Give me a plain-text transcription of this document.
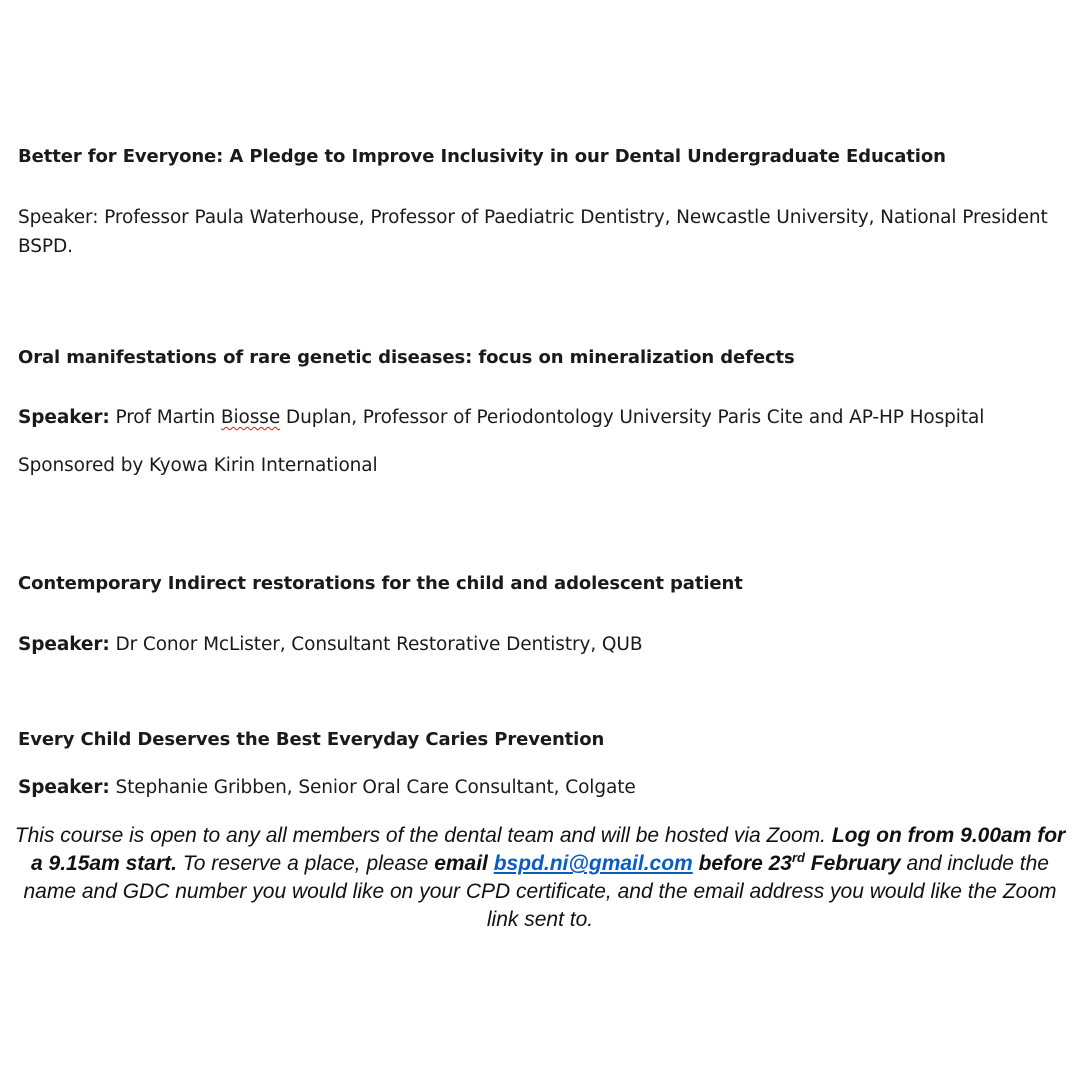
Better for Everyone: A Pledge to Improve Inclusivity in our Dental Undergraduate Education
Speaker: Professor Paula Waterhouse, Professor of Paediatric Dentistry, Newcastle University, National President BSPD.
Oral manifestations of rare genetic diseases: focus on mineralization defects
Speaker: Prof Martin Biosse Duplan, Professor of Periodontology University Paris Cite and AP-HP Hospital
Sponsored by Kyowa Kirin International
Contemporary Indirect restorations for the child and adolescent patient
Speaker: Dr Conor McLister, Consultant Restorative Dentistry, QUB
Every Child Deserves the Best Everyday Caries Prevention
Speaker: Stephanie Gribben, Senior Oral Care Consultant, Colgate
This course is open to any all members of the dental team and will be hosted via Zoom. Log on from 9.00am for a 9.15am start. To reserve a place, please email bspd.ni@gmail.com before 23rd February and include the name and GDC number you would like on your CPD certificate, and the email address you would like the Zoom link sent to.
